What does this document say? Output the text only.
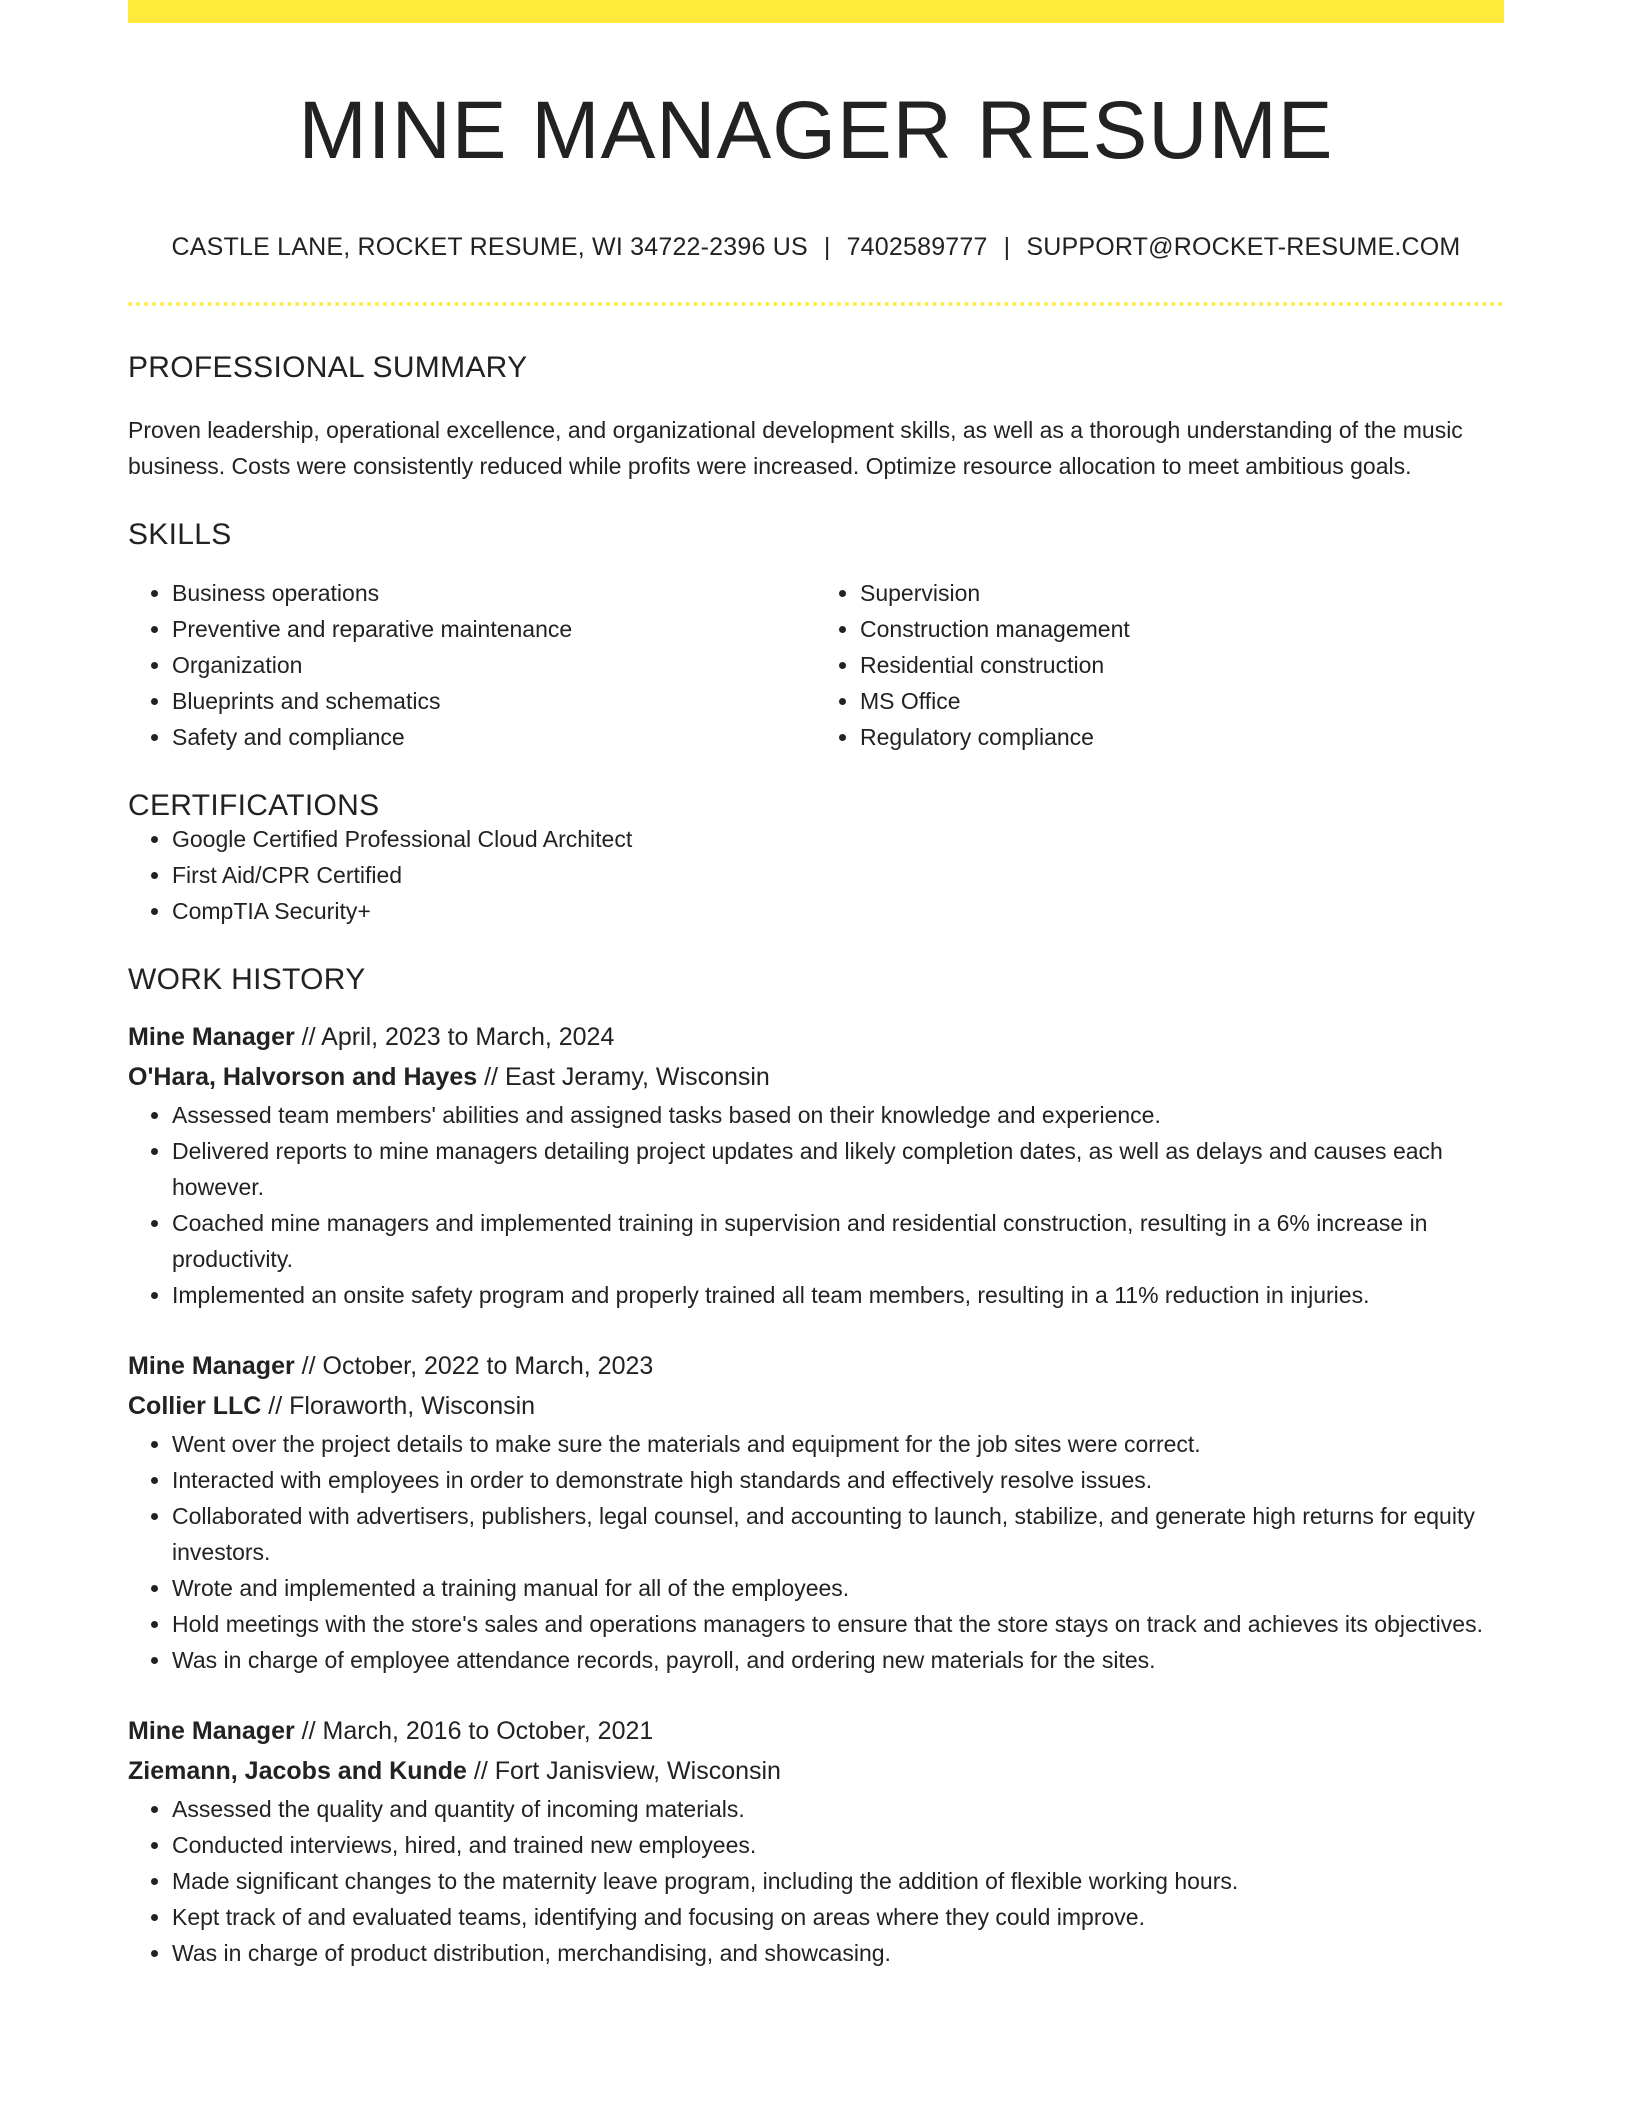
MINE MANAGER RESUME
CASTLE LANE, ROCKET RESUME, WI 34722-2396 US | 7402589777 | SUPPORT@ROCKET-RESUME.COM
PROFESSIONAL SUMMARY

Proven leadership, operational excellence, and organizational development skills, as well as a thorough understanding of the music business. Costs were consistently reduced while profits were increased. Optimize resource allocation to meet ambitious goals.

SKILLS
• Business operations
• Preventive and reparative maintenance
• Organization
• Blueprints and schematics
• Safety and compliance
• Supervision
• Construction management
• Residential construction
• MS Office
• Regulatory compliance
CERTIFICATIONS
• Google Certified Professional Cloud Architect
• First Aid/CPR Certified
• CompTIA Security+
WORK HISTORY
Mine Manager // April, 2023 to March, 2024
O'Hara, Halvorson and Hayes // East Jeramy, Wisconsin
• Assessed team members' abilities and assigned tasks based on their knowledge and experience.
• Delivered reports to mine managers detailing project updates and likely completion dates, as well as delays and causes each however.
• Coached mine managers and implemented training in supervision and residential construction, resulting in a 6% increase in productivity.
• Implemented an onsite safety program and properly trained all team members, resulting in a 11% reduction in injuries.
Mine Manager // October, 2022 to March, 2023
Collier LLC // Floraworth, Wisconsin
• Went over the project details to make sure the materials and equipment for the job sites were correct.
• Interacted with employees in order to demonstrate high standards and effectively resolve issues.
• Collaborated with advertisers, publishers, legal counsel, and accounting to launch, stabilize, and generate high returns for equity investors.
• Wrote and implemented a training manual for all of the employees.
• Hold meetings with the store's sales and operations managers to ensure that the store stays on track and achieves its objectives.
• Was in charge of employee attendance records, payroll, and ordering new materials for the sites.
Mine Manager // March, 2016 to October, 2021
Ziemann, Jacobs and Kunde // Fort Janisview, Wisconsin
• Assessed the quality and quantity of incoming materials.
• Conducted interviews, hired, and trained new employees.
• Made significant changes to the maternity leave program, including the addition of flexible working hours.
• Kept track of and evaluated teams, identifying and focusing on areas where they could improve.
• Was in charge of product distribution, merchandising, and showcasing.
